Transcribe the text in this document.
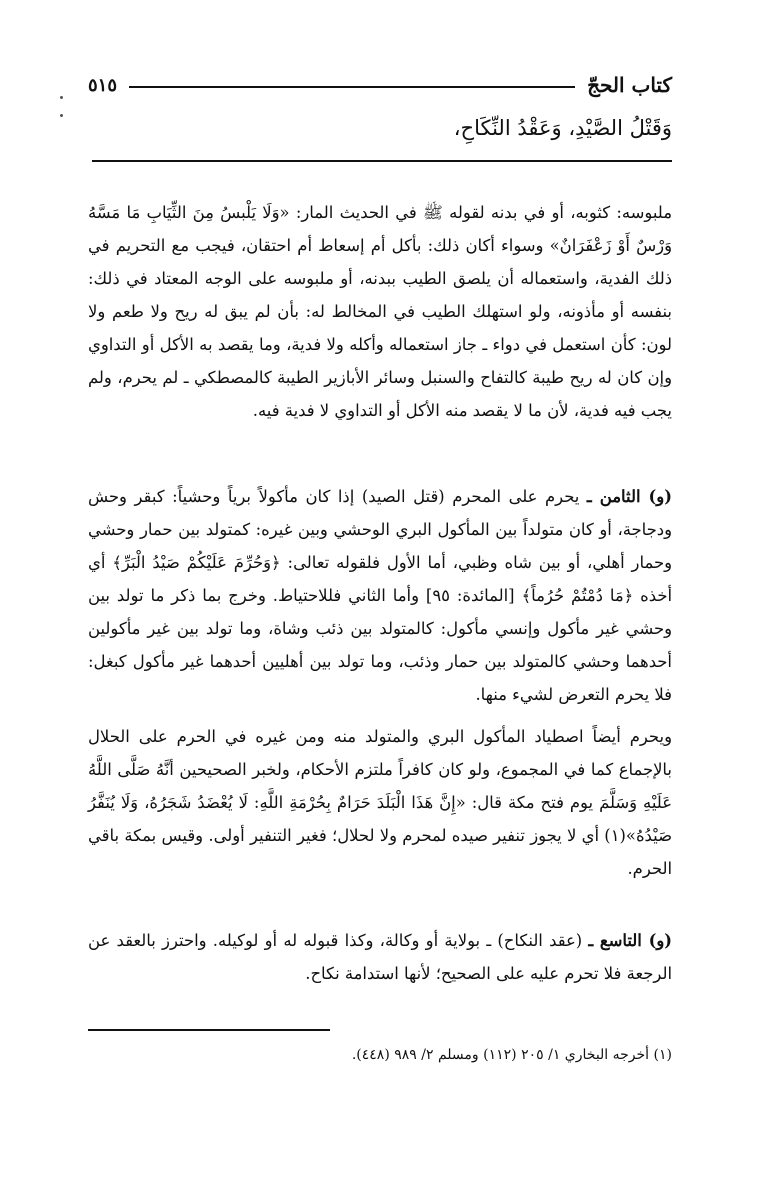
كتاب الحجّ
٥١٥
وَقَتْلُ الصَّيْدِ، وَعَقْدُ النِّكَاحِ،

ملبوسه: كثوبه، أو في بدنه لقوله ﷺ في الحديث المار: «وَلَا يَلْبسُ مِنَ الثِّيَابِ مَا مَسَّهُ وَرْسٌ أَوْ زَعْفَرَانٌ» وسواء أكان ذلك: بأكل أم إسعاط أم احتقان، فيجب مع التحريم في ذلك الفدية، واستعماله أن يلصق الطيب ببدنه، أو ملبوسه على الوجه المعتاد في ذلك: بنفسه أو مأذونه، ولو استهلك الطيب في المخالط له: بأن لم يبق له ريح ولا طعم ولا لون: كأن استعمل في دواء ـ جاز استعماله وأكله ولا فدية، وما يقصد به الأكل أو التداوي وإن كان له ريح طيبة كالتفاح والسنبل وسائر الأبازير الطيبة كالمصطكي ـ لم يحرم، ولم يجب فيه فدية، لأن ما لا يقصد منه الأكل أو التداوي لا فدية فيه.

(و) الثامن ـ يحرم على المحرم (قتل الصيد) إذا كان مأكولاً برياً وحشياً: كبقر وحش ودجاجة، أو كان متولداً بين المأكول البري الوحشي وبين غيره: كمتولد بين حمار وحشي وحمار أهلي، أو بين شاه وظبي، أما الأول فلقوله تعالى: ﴿وَحُرِّمَ عَلَيْكُمْ صَيْدُ الْبَرِّ﴾ أي أخذه ﴿مَا دُمْتُمْ حُرُماً﴾ [المائدة: ٩٥] وأما الثاني فللاحتياط. وخرج بما ذكر ما تولد بين وحشي غير مأكول وإنسي مأكول: كالمتولد بين ذئب وشاة، وما تولد بين غير مأكولين أحدهما وحشي كالمتولد بين حمار وذئب، وما تولد بين أهليين أحدهما غير مأكول كبغل: فلا يحرم التعرض لشيء منها.

ويحرم أيضاً اصطياد المأكول البري والمتولد منه ومن غيره في الحرم على الحلال بالإجماع كما في المجموع، ولو كان كافراً ملتزم الأحكام، ولخبر الصحيحين أنَّهُ صَلَّى اللَّهُ عَلَيْهِ وَسَلَّمَ يوم فتح مكة قال: «إِنَّ هَذَا الْبَلَدَ حَرَامٌ بِحُرْمَةِ اللَّهِ: لَا يُعْضَدُ شَجَرُهُ، وَلَا يُنَفَّرُ صَيْدُهُ»(١) أي لا يجوز تنفير صيده لمحرم ولا لحلال؛ فغير التنفير أولى. وقيس بمكة باقي الحرم.

(و) التاسع ـ (عقد النكاح) ـ بولاية أو وكالة، وكذا قبوله له أو لوكيله. واحترز بالعقد عن الرجعة فلا تحرم عليه على الصحيح؛ لأنها استدامة نكاح.

(١) أخرجه البخاري ١/ ٢٠٥ (١١٢) ومسلم ٢/ ٩٨٩ (٤٤٨).
